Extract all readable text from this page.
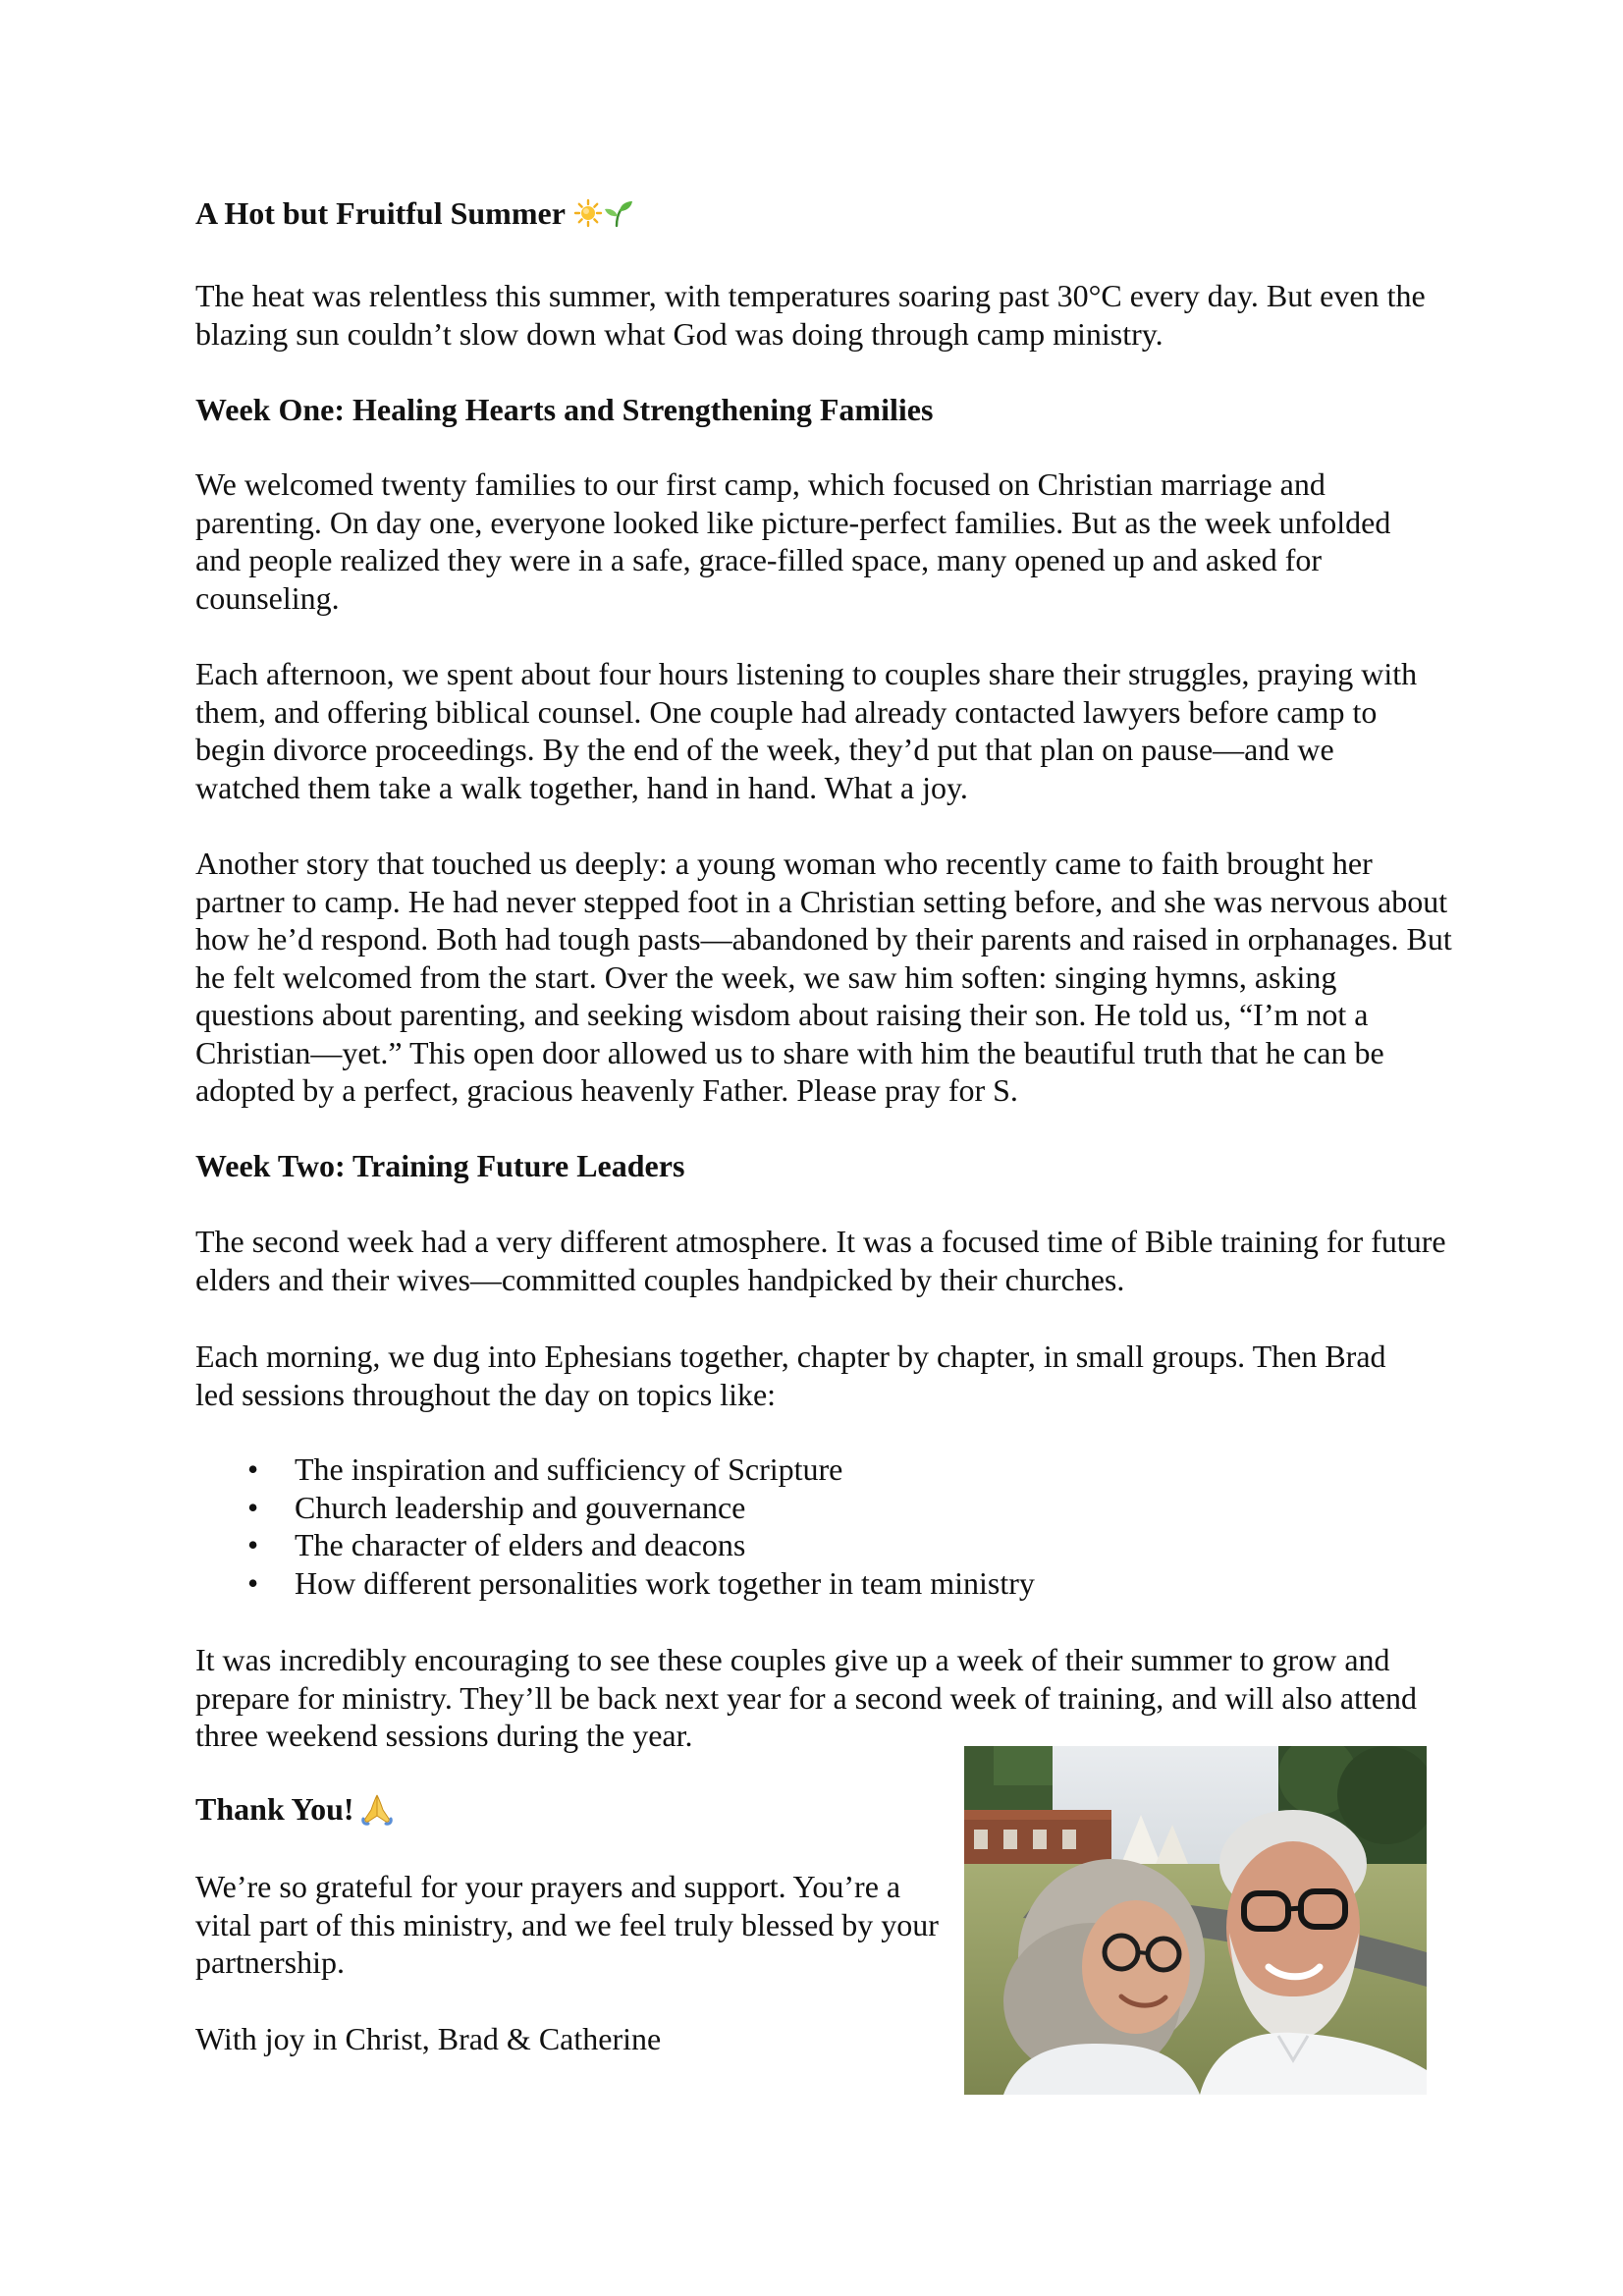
A Hot but Fruitful Summer

The heat was relentless this summer, with temperatures soaring past 30°C every day. But even the blazing sun couldn’t slow down what God was doing through camp ministry.

Week One: Healing Hearts and Strengthening Families

We welcomed twenty families to our first camp, which focused on Christian marriage and parenting. On day one, everyone looked like picture-perfect families. But as the week unfolded and people realized they were in a safe, grace-filled space, many opened up and asked for counseling.

Each afternoon, we spent about four hours listening to couples share their struggles, praying with them, and offering biblical counsel. One couple had already contacted lawyers before camp to begin divorce proceedings. By the end of the week, they’d put that plan on pause—and we watched them take a walk together, hand in hand. What a joy.

Another story that touched us deeply: a young woman who recently came to faith brought her partner to camp. He had never stepped foot in a Christian setting before, and she was nervous about how he’d respond. Both had tough pasts—abandoned by their parents and raised in orphanages. But he felt welcomed from the start. Over the week, we saw him soften: singing hymns, asking questions about parenting, and seeking wisdom about raising their son. He told us, “I’m not a Christian—yet.” This open door allowed us to share with him the beautiful truth that he can be adopted by a perfect, gracious heavenly Father. Please pray for S.

Week Two: Training Future Leaders

The second week had a very different atmosphere. It was a focused time of Bible training for future elders and their wives—committed couples handpicked by their churches.

Each morning, we dug into Ephesians together, chapter by chapter, in small groups. Then Brad led sessions throughout the day on topics like:

• The inspiration and sufficiency of Scripture
• Church leadership and gouvernance
• The character of elders and deacons
• How different personalities work together in team ministry

It was incredibly encouraging to see these couples give up a week of their summer to grow and prepare for ministry. They’ll be back next year for a second week of training, and will also attend three weekend sessions during the year.

Thank You!

We’re so grateful for your prayers and support. You’re a vital part of this ministry, and we feel truly blessed by your partnership.

With joy in Christ, Brad & Catherine
